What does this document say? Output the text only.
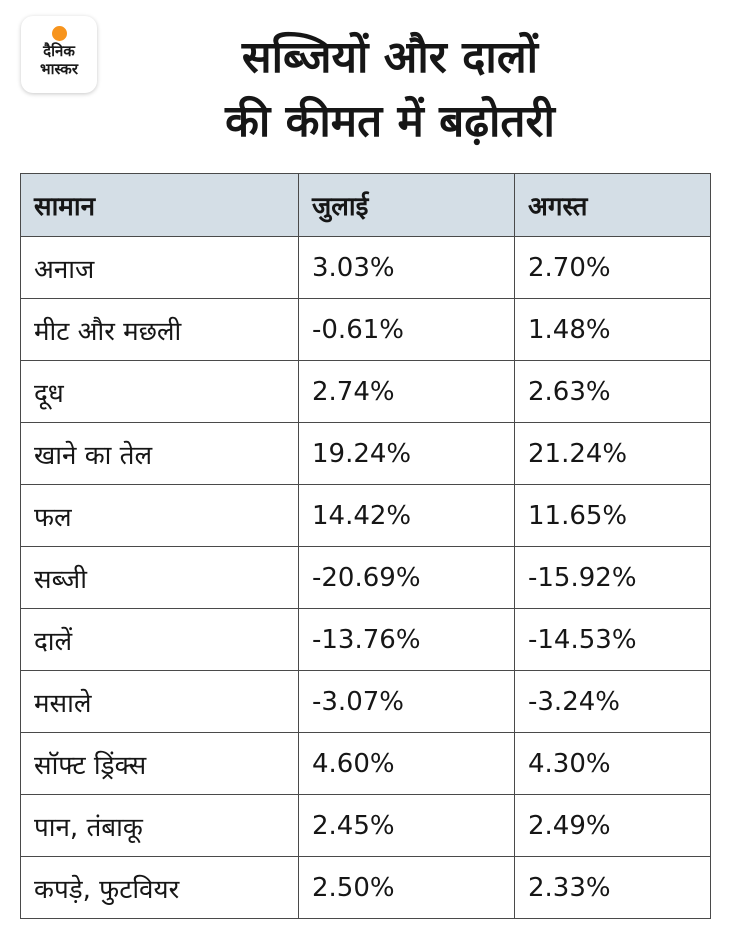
दैनिक
भास्कर	सब्जियों और दालों
की कीमत में बढ़ोतरी
सामान	जुलाई	अगस्त
अनाज	3.03%	2.70%
मीट और मछली	-0.61%	1.48%
दूध	2.74%	2.63%
खाने का तेल	19.24%	21.24%
फल	14.42%	11.65%
सब्जी	-20.69%	-15.92%
दालें	-13.76%	-14.53%
मसाले	-3.07%	-3.24%
सॉफ्ट ड्रिंक्स	4.60%	4.30%
पान, तंबाकू	2.45%	2.49%
कपड़े, फुटवियर	2.50%	2.33%
